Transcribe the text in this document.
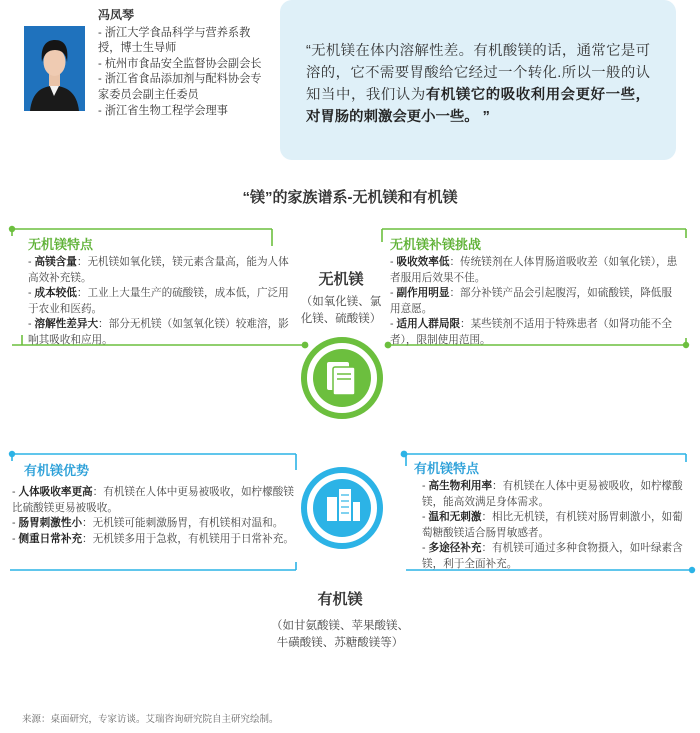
冯凤琴
- 浙江大学食品科学与营养系教授，博士生导师
- 杭州市食品安全监督协会副会长
- 浙江省食品添加剂与配料协会专家委员会副主任委员
- 浙江省生物工程学会理事
“无机镁在体内溶解性差。有机酸镁的话，通常它是可溶的，它不需要胃酸给它经过一个转化.所以一般的认知当中，我们认为有机镁它的吸收利用会更好一些，对胃肠的刺激会更小一些。 ”
“镁”的家族谱系-无机镁和有机镁
无机镁
（如氧化镁、氯化镁、硫酸镁）
有机镁
（如甘氨酸镁、苹果酸镁、
牛磺酸镁、苏糖酸镁等）
无机镁特点
- 高镁含量：无机镁如氧化镁，镁元素含量高，能为人体高效补充镁。
- 成本较低：工业上大量生产的硫酸镁，成本低，广泛用于农业和医药。
- 溶解性差异大：部分无机镁（如氢氧化镁）较难溶，影响其吸收和应用。
无机镁补镁挑战
- 吸收效率低：传统镁剂在人体胃肠道吸收差（如氧化镁），患者服用后效果不佳。
- 副作用明显：部分补镁产品会引起腹泻，如硫酸镁，降低服用意愿。
- 适用人群局限：某些镁剂不适用于特殊患者（如肾功能不全者），限制使用范围。
有机镁优势
- 人体吸收率更高：有机镁在人体中更易被吸收，如柠檬酸镁比硫酸镁更易被吸收。
- 肠胃刺激性小：无机镁可能刺激肠胃，有机镁相对温和。
- 侧重日常补充：无机镁多用于急救，有机镁用于日常补充。
有机镁特点
- 高生物利用率：有机镁在人体中更易被吸收，如柠檬酸镁，能高效满足身体需求。
- 温和无刺激：相比无机镁，有机镁对肠胃刺激小，如葡萄糖酸镁适合肠胃敏感者。
- 多途径补充：有机镁可通过多种食物摄入，如叶绿素含镁，利于全面补充。
来源：桌面研究，专家访谈。艾瑞咨询研究院自主研究绘制。
